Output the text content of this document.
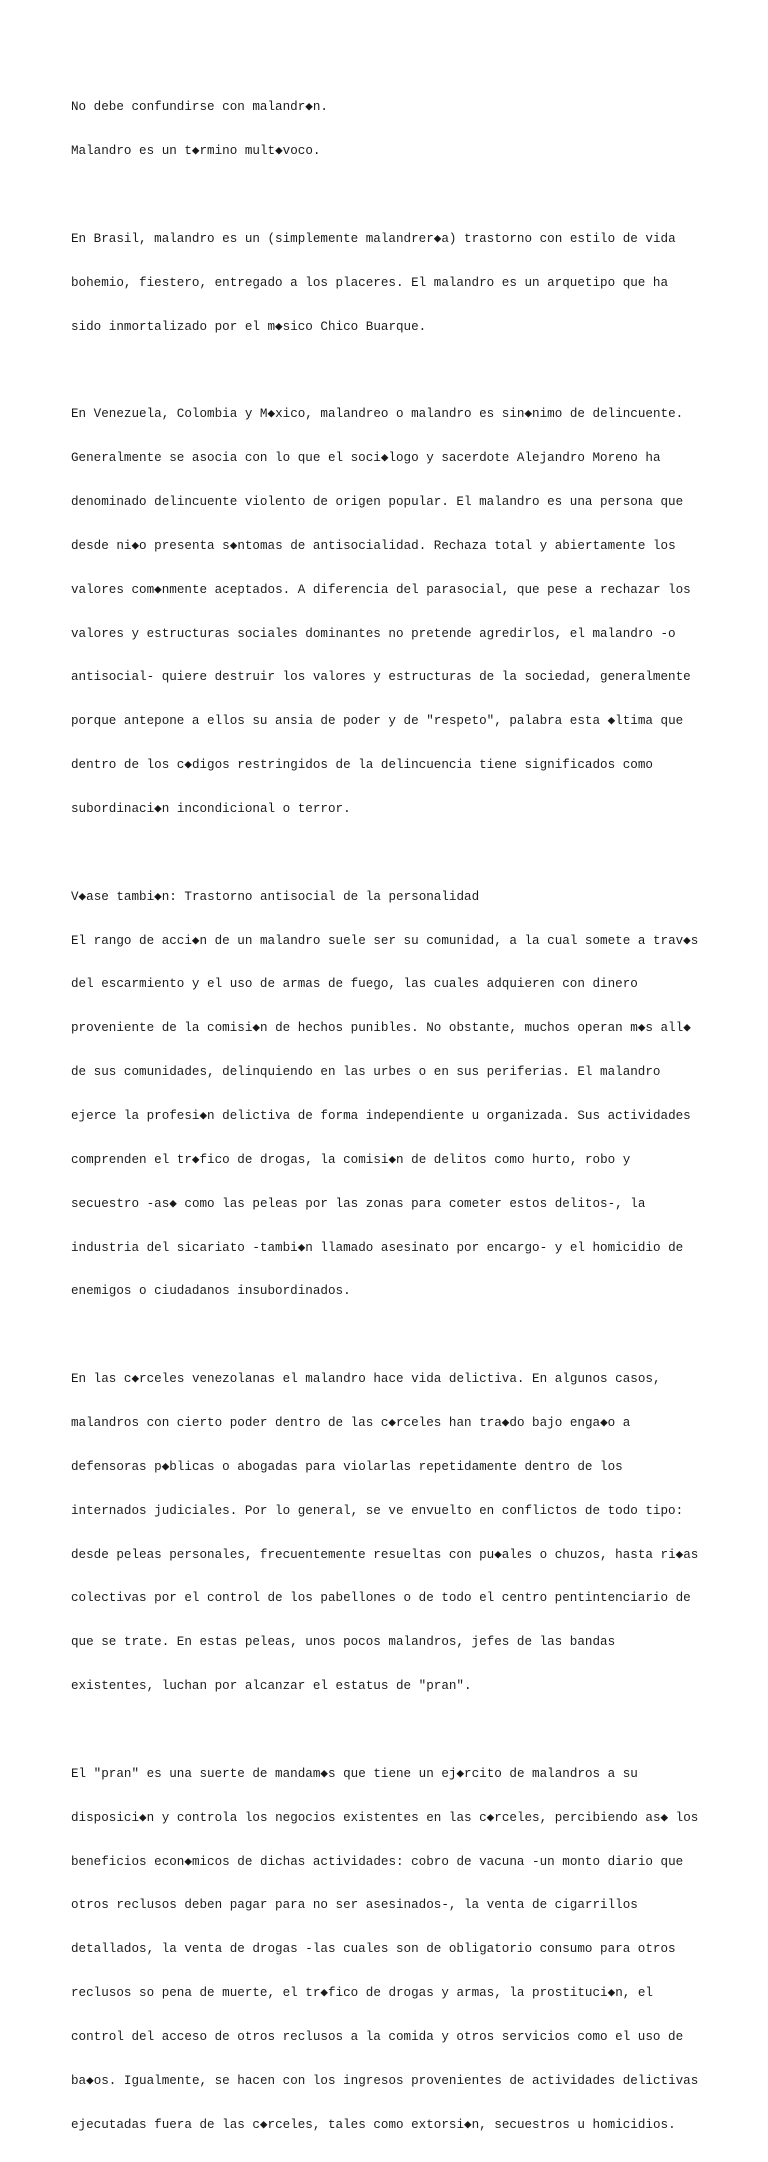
No debe confundirse con malandr◆n.

Malandro es un t◆rmino mult◆voco.

En Brasil, malandro es un (simplemente malandrer◆a) trastorno con estilo de vida

bohemio, fiestero, entregado a los placeres. El malandro es un arquetipo que ha

sido inmortalizado por el m◆sico Chico Buarque.

En Venezuela, Colombia y M◆xico, malandreo o malandro es sin◆nimo de delincuente.

Generalmente se asocia con lo que el soci◆logo y sacerdote Alejandro Moreno ha

denominado delincuente violento de origen popular. El malandro es una persona que

desde ni◆o presenta s◆ntomas de antisocialidad. Rechaza total y abiertamente los

valores com◆nmente aceptados. A diferencia del parasocial, que pese a rechazar los

valores y estructuras sociales dominantes no pretende agredirlos, el malandro -o

antisocial- quiere destruir los valores y estructuras de la sociedad, generalmente

porque antepone a ellos su ansia de poder y de "respeto", palabra esta ◆ltima que

dentro de los c◆digos restringidos de la delincuencia tiene significados como

subordinaci◆n incondicional o terror.

V◆ase tambi◆n: Trastorno antisocial de la personalidad

El rango de acci◆n de un malandro suele ser su comunidad, a la cual somete a trav◆s

del escarmiento y el uso de armas de fuego, las cuales adquieren con dinero

proveniente de la comisi◆n de hechos punibles. No obstante, muchos operan m◆s all◆

de sus comunidades, delinquiendo en las urbes o en sus periferias. El malandro

ejerce la profesi◆n delictiva de forma independiente u organizada. Sus actividades

comprenden el tr◆fico de drogas, la comisi◆n de delitos como hurto, robo y

secuestro -as◆ como las peleas por las zonas para cometer estos delitos-, la

industria del sicariato -tambi◆n llamado asesinato por encargo- y el homicidio de

enemigos o ciudadanos insubordinados.

En las c◆rceles venezolanas el malandro hace vida delictiva. En algunos casos,

malandros con cierto poder dentro de las c◆rceles han tra◆do bajo enga◆o a

defensoras p◆blicas o abogadas para violarlas repetidamente dentro de los

internados judiciales. Por lo general, se ve envuelto en conflictos de todo tipo:

desde peleas personales, frecuentemente resueltas con pu◆ales o chuzos, hasta ri◆as

colectivas por el control de los pabellones o de todo el centro pentintenciario de

que se trate. En estas peleas, unos pocos malandros, jefes de las bandas

existentes, luchan por alcanzar el estatus de "pran".

El "pran" es una suerte de mandam◆s que tiene un ej◆rcito de malandros a su

disposici◆n y controla los negocios existentes en las c◆rceles, percibiendo as◆ los

beneficios econ◆micos de dichas actividades: cobro de vacuna -un monto diario que

otros reclusos deben pagar para no ser asesinados-, la venta de cigarrillos

detallados, la venta de drogas -las cuales son de obligatorio consumo para otros

reclusos so pena de muerte, el tr◆fico de drogas y armas, la prostituci◆n, el

control del acceso de otros reclusos a la comida y otros servicios como el uso de

ba◆os. Igualmente, se hacen con los ingresos provenientes de actividades delictivas

ejecutadas fuera de las c◆rceles, tales como extorsi◆n, secuestros u homicidios.
